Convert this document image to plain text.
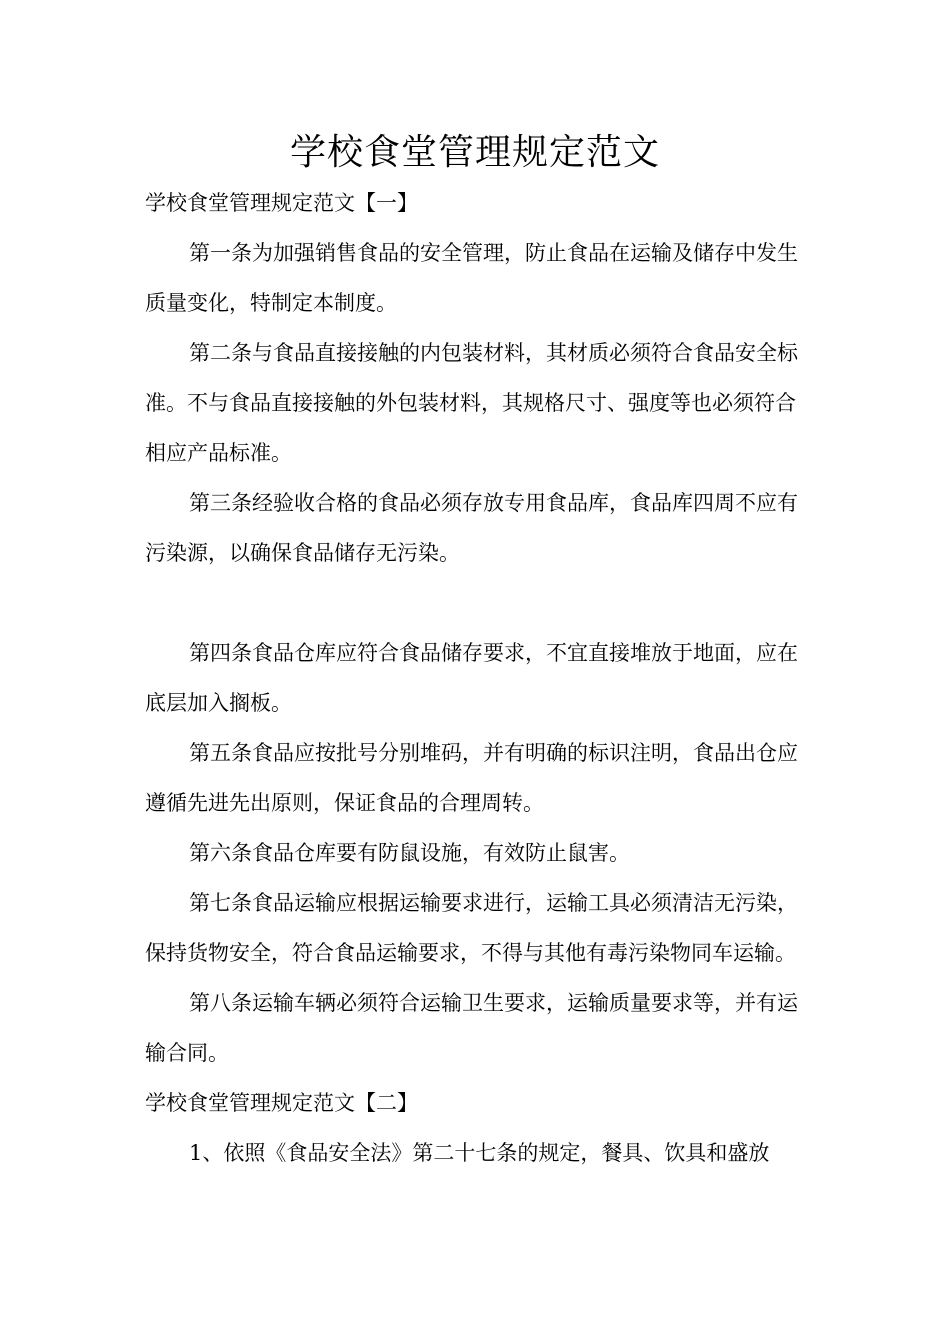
学校食堂管理规定范文

学校食堂管理规定范文【一】

第一条为加强销售食品的安全管理，防止食品在运输及储存中发生质量变化，特制定本制度。

第二条与食品直接接触的内包装材料，其材质必须符合食品安全标准。不与食品直接接触的外包装材料，其规格尺寸、强度等也必须符合相应产品标准。

第三条经验收合格的食品必须存放专用食品库，食品库四周不应有污染源，以确保食品储存无污染。

第四条食品仓库应符合食品储存要求，不宜直接堆放于地面，应在底层加入搁板。

第五条食品应按批号分别堆码，并有明确的标识注明，食品出仓应遵循先进先出原则，保证食品的合理周转。

第六条食品仓库要有防鼠设施，有效防止鼠害。

第七条食品运输应根据运输要求进行，运输工具必须清洁无污染，保持货物安全，符合食品运输要求，不得与其他有毒污染物同车运输。

第八条运输车辆必须符合运输卫生要求，运输质量要求等，并有运输合同。

学校食堂管理规定范文【二】

1、依照《食品安全法》第二十七条的规定，餐具、饮具和盛放
